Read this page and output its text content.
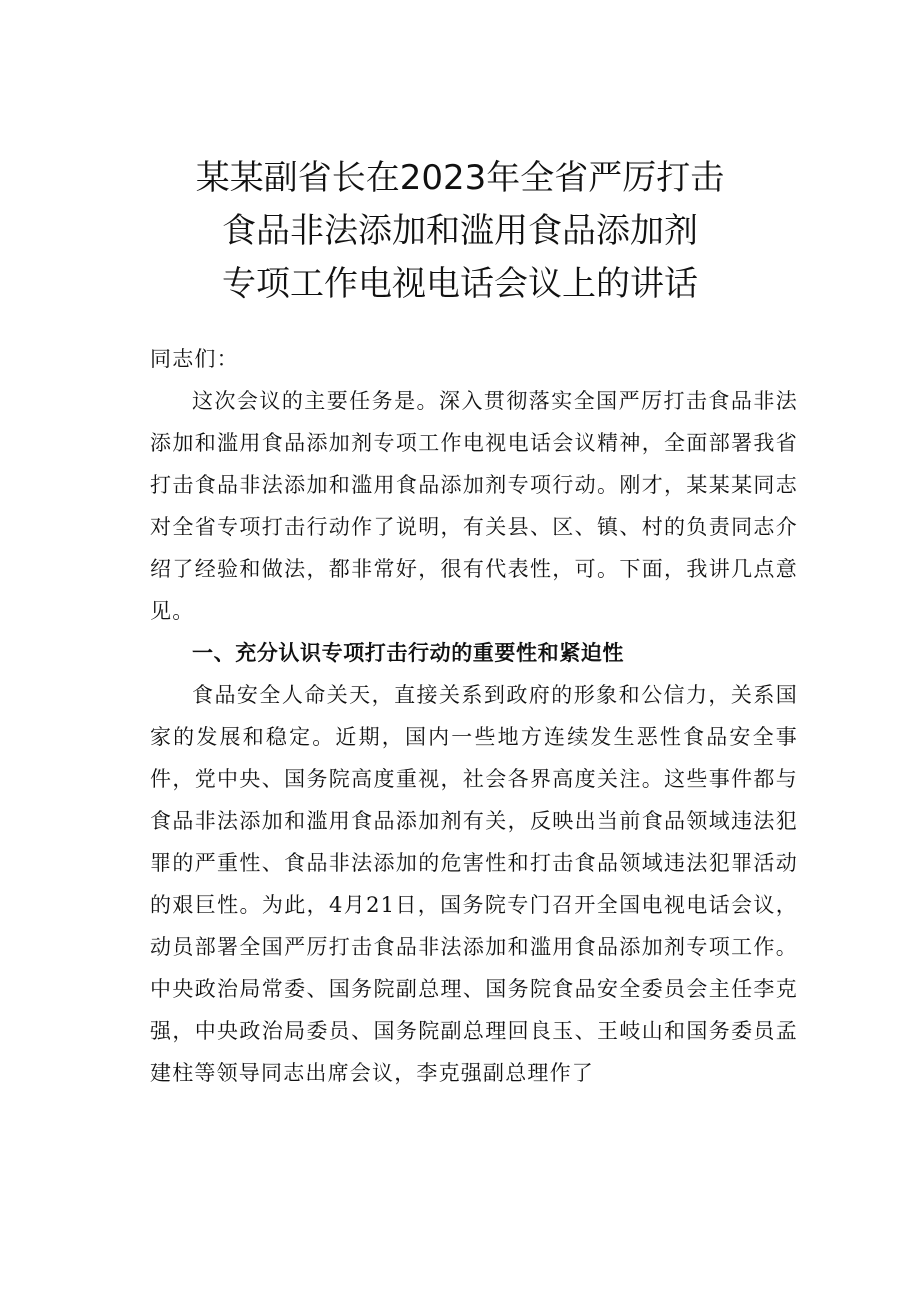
某某副省长在2023年全省严厉打击
食品非法添加和滥用食品添加剂
专项工作电视电话会议上的讲话

同志们：

这次会议的主要任务是。深入贯彻落实全国严厉打击食品非法添加和滥用食品添加剂专项工作电视电话会议精神，全面部署我省打击食品非法添加和滥用食品添加剂专项行动。刚才，某某某同志对全省专项打击行动作了说明，有关县、区、镇、村的负责同志介绍了经验和做法，都非常好，很有代表性，可。下面，我讲几点意见。

一、充分认识专项打击行动的重要性和紧迫性

食品安全人命关天，直接关系到政府的形象和公信力，关系国家的发展和稳定。近期，国内一些地方连续发生恶性食品安全事件，党中央、国务院高度重视，社会各界高度关注。这些事件都与食品非法添加和滥用食品添加剂有关，反映出当前食品领域违法犯罪的严重性、食品非法添加的危害性和打击食品领域违法犯罪活动的艰巨性。为此，4月21日，国务院专门召开全国电视电话会议，动员部署全国严厉打击食品非法添加和滥用食品添加剂专项工作。中央政治局常委、国务院副总理、国务院食品安全委员会主任李克强，中央政治局委员、国务院副总理回良玉、王岐山和国务委员孟建柱等领导同志出席会议，李克强副总理作了
